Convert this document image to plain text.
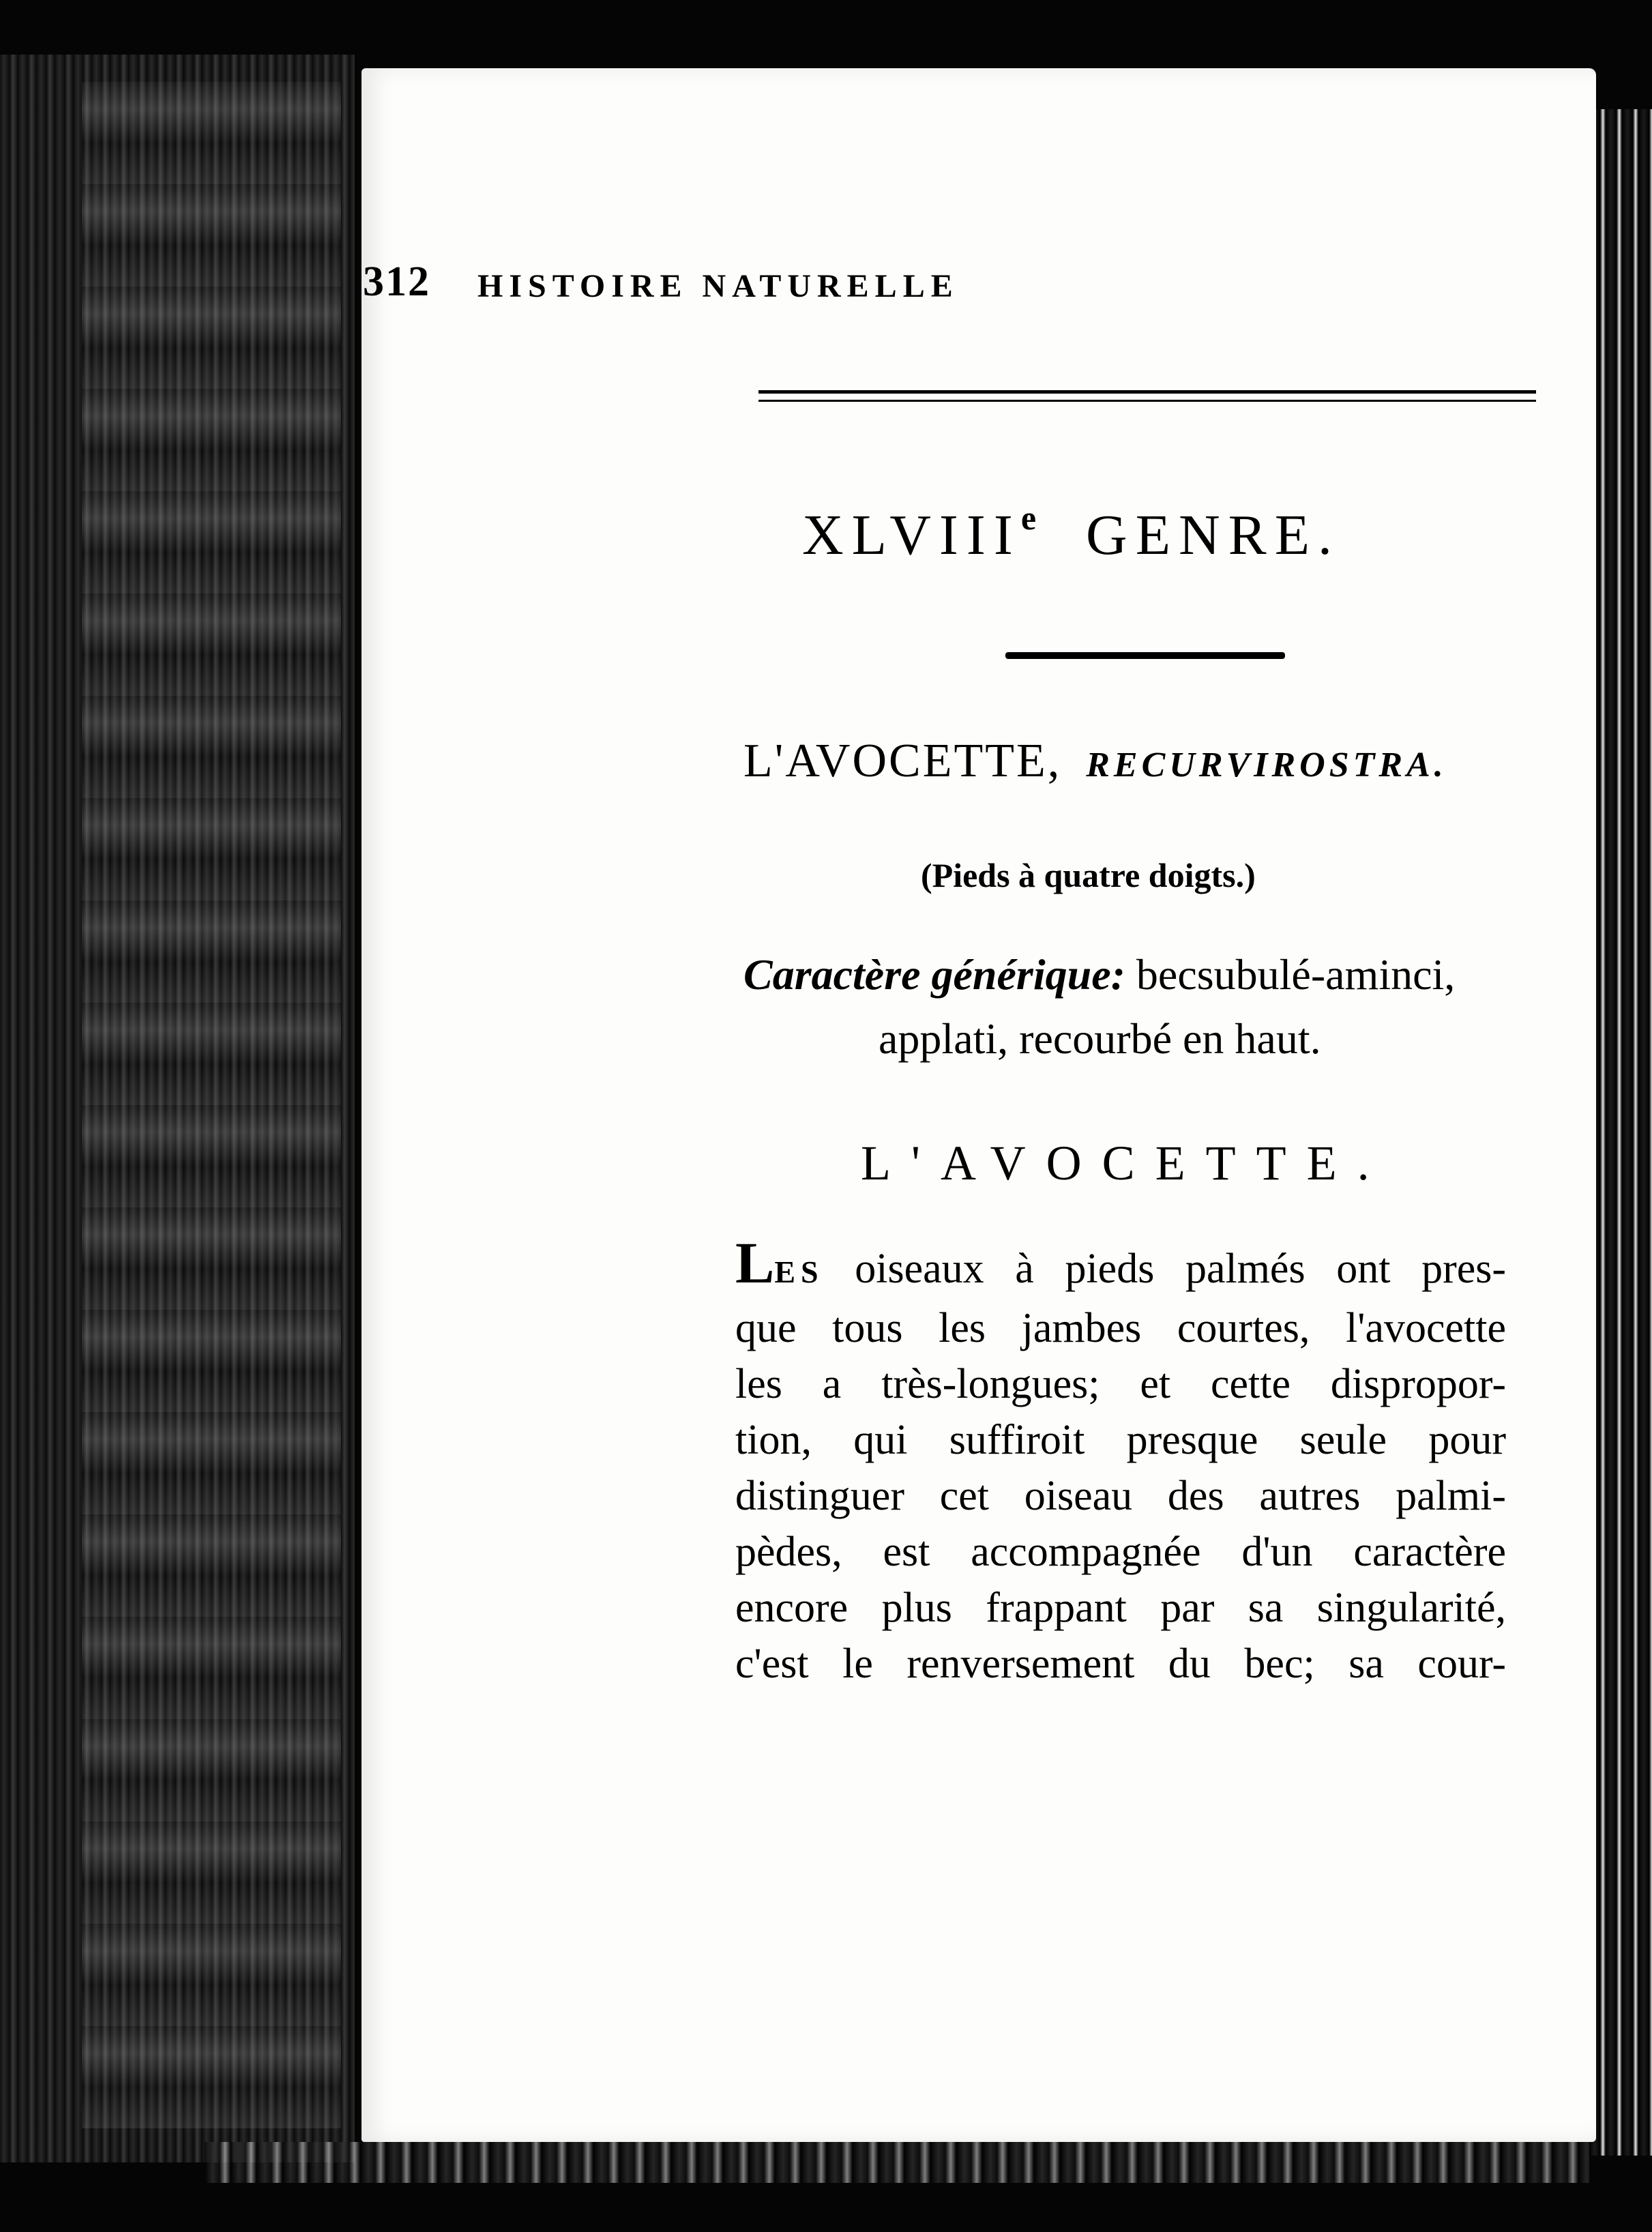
312 HISTOIRE NATURELLE
XLVIIIe GENRE.
L'AVOCETTE, RECURVIROSTRA.
(Pieds à quatre doigts.)
Caractère générique: becsubulé-aminci,
applati, recourbé en haut.
L'AVOCETTE.
LES oiseaux à pieds palmés ont pres-
que tous les jambes courtes, l'avocette
les a très-longues; et cette dispropor-
tion, qui suffiroit presque seule pour
distinguer cet oiseau des autres palmi-
pèdes, est accompagnée d'un caractère
encore plus frappant par sa singularité,
c'est le renversement du bec; sa cour-
